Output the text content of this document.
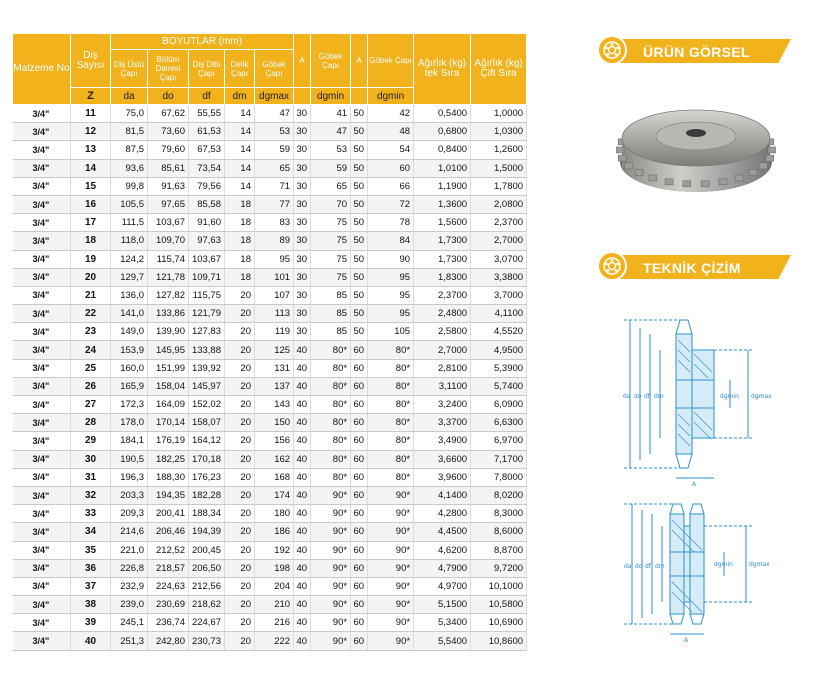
Malzeme No	Diş Sayısı	BOYUTLAR (mm)					A	Göbek Çapı	A	Göbek Çapı	Ağırlık (kg) tek Sıra	Ağırlık (kg) Çift Sıra
		Diş Üstü Çapı	Bölüm Dairesi Çapı	Diş Dibi Çapı	Delik Çapı	Göbek Çapı						
	Z	da	do	df	dm	dgmax		dgmin		dgmin		
3/4"	11	75,0	67,62	55,55	14	47	30	41	50	42	0,5400	1,0000
3/4"	12	81,5	73,60	61,53	14	53	30	47	50	48	0,6800	1,0300
3/4"	13	87,5	79,60	67,53	14	59	30	53	50	54	0,8400	1,2600
3/4"	14	93,6	85,61	73,54	14	65	30	59	50	60	1,0100	1,5000
3/4"	15	99,8	91,63	79,56	14	71	30	65	50	66	1,1900	1,7800
3/4"	16	105,5	97,65	85,58	18	77	30	70	50	72	1,3600	2,0800
3/4"	17	111,5	103,67	91,60	18	83	30	75	50	78	1,5600	2,3700
3/4"	18	118,0	109,70	97,63	18	89	30	75	50	84	1,7300	2,7000
3/4"	19	124,2	115,74	103,67	18	95	30	75	50	90	1,7300	3,0700
3/4"	20	129,7	121,78	109,71	18	101	30	75	50	95	1,8300	3,3800
3/4"	21	136,0	127,82	115,75	20	107	30	85	50	95	2,3700	3,7000
3/4"	22	141,0	133,86	121,79	20	113	30	85	50	95	2,4800	4,1100
3/4"	23	149,0	139,90	127,83	20	119	30	85	50	105	2,5800	4,5520
3/4"	24	153,9	145,95	133,88	20	125	40	80*	60	80*	2,7000	4,9500
3/4"	25	160,0	151,99	139,92	20	131	40	80*	60	80*	2,8100	5,3900
3/4"	26	165,9	158,04	145,97	20	137	40	80*	60	80*	3,1100	5,7400
3/4"	27	172,3	164,09	152,02	20	143	40	80*	60	80*	3,2400	6,0900
3/4"	28	178,0	170,14	158,07	20	150	40	80*	60	80*	3,3700	6,6300
3/4"	29	184,1	176,19	164,12	20	156	40	80*	60	80*	3,4900	6,9700
3/4"	30	190,5	182,25	170,18	20	162	40	80*	60	80*	3,6600	7,1700
3/4"	31	196,3	188,30	176,23	20	168	40	80*	60	80*	3,9600	7,8000
3/4"	32	203,3	194,35	182,28	20	174	40	90*	60	90*	4,1400	8,0200
3/4"	33	209,3	200,41	188,34	20	180	40	90*	60	90*	4,2800	8,3000
3/4"	34	214,6	206,46	194,39	20	186	40	90*	60	90*	4,4500	8,6000
3/4"	35	221,0	212,52	200,45	20	192	40	90*	60	90*	4,6200	8,8700
3/4"	36	226,8	218,57	206,50	20	198	40	90*	60	90*	4,7900	9,7200
3/4"	37	232,9	224,63	212,56	20	204	40	90*	60	90*	4,9700	10,1000
3/4"	38	239,0	230,69	218,62	20	210	40	90*	60	90*	5,1500	10,5800
3/4"	39	245,1	236,74	224,67	20	216	40	90*	60	90*	5,3400	10,6900
3/4"	40	251,3	242,80	230,73	20	222	40	90*	60	90*	5,5400	10,8600
ÜRÜN GÖRSEL
TEKNİK ÇİZİM
da do df dm	dgmin dgmax
A
da do df dm	dgmin	dgmax
A
